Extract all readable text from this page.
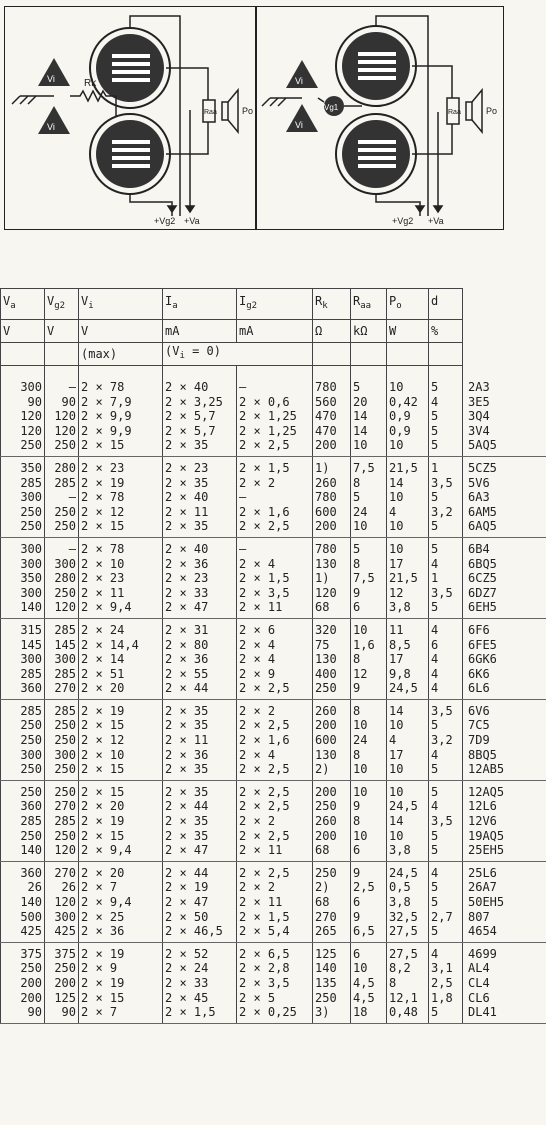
Vi
Vi
Rk
Raa	Po
+Vg2 +Va
Vi
Vi
Vg1
Raa	Po
+Vg2 +Va
$V_a$	$V_{g2}$	$V_i$	$I_a$	$I_{g2}$	$R_k$	$R_{aa}$	$P_o$	d	
V	V	V	mA	mA	Ω	kΩ	W	%	
		(max)	$(V_i = 0)$						

300	–	2 × 78	2 × 40	–	780	5	10	5	2A3
90	90	2 × 7,9	2 × 3,25	2 × 0,6	560	20	0,42	4	3E5
120	120	2 × 9,9	2 × 5,7	2 × 1,25	470	14	0,9	5	3Q4
120	120	2 × 9,9	2 × 5,7	2 × 1,25	470	14	0,9	5	3V4
250	250	2 × 15	2 × 35	2 × 2,5	200	10	10	5	5AQ5
350	280	2 × 23	2 × 23	2 × 1,5	1)	7,5	21,5	1	5CZ5
285	285	2 × 19	2 × 35	2 × 2	260	8	14	3,5	5V6
300	–	2 × 78	2 × 40	–	780	5	10	5	6A3
250	250	2 × 12	2 × 11	2 × 1,6	600	24	4	3,2	6AM5
250	250	2 × 15	2 × 35	2 × 2,5	200	10	10	5	6AQ5
300	–	2 × 78	2 × 40	–	780	5	10	5	6B4
300	300	2 × 10	2 × 36	2 × 4	130	8	17	4	6BQ5
350	280	2 × 23	2 × 23	2 × 1,5	1)	7,5	21,5	1	6CZ5
300	250	2 × 11	2 × 33	2 × 3,5	120	9	12	3,5	6DZ7
140	120	2 × 9,4	2 × 47	2 × 11	68	6	3,8	5	6EH5
315	285	2 × 24	2 × 31	2 × 6	320	10	11	4	6F6
145	145	2 × 14,4	2 × 80	2 × 4	75	1,6	8,5	6	6FE5
300	300	2 × 14	2 × 36	2 × 4	130	8	17	4	6GK6
285	285	2 × 51	2 × 55	2 × 9	400	12	9,8	4	6K6
360	270	2 × 20	2 × 44	2 × 2,5	250	9	24,5	4	6L6
285	285	2 × 19	2 × 35	2 × 2	260	8	14	3,5	6V6
250	250	2 × 15	2 × 35	2 × 2,5	200	10	10	5	7C5
250	250	2 × 12	2 × 11	2 × 1,6	600	24	4	3,2	7D9
300	300	2 × 10	2 × 36	2 × 4	130	8	17	4	8BQ5
250	250	2 × 15	2 × 35	2 × 2,5	2)	10	10	5	12AB5
250	250	2 × 15	2 × 35	2 × 2,5	200	10	10	5	12AQ5
360	270	2 × 20	2 × 44	2 × 2,5	250	9	24,5	4	12L6
285	285	2 × 19	2 × 35	2 × 2	260	8	14	3,5	12V6
250	250	2 × 15	2 × 35	2 × 2,5	200	10	10	5	19AQ5
140	120	2 × 9,4	2 × 47	2 × 11	68	6	3,8	5	25EH5
360	270	2 × 20	2 × 44	2 × 2,5	250	9	24,5	4	25L6
26	26	2 × 7	2 × 19	2 × 2	2)	2,5	0,5	5	26A7
140	120	2 × 9,4	2 × 47	2 × 11	68	6	3,8	5	50EH5
500	300	2 × 25	2 × 50	2 × 1,5	270	9	32,5	2,7	807
425	425	2 × 36	2 × 46,5	2 × 5,4	265	6,5	27,5	5	4654
375	375	2 × 19	2 × 52	2 × 6,5	125	6	27,5	4	4699
250	250	2 × 9	2 × 24	2 × 2,8	140	10	8,2	3,1	AL4
200	200	2 × 19	2 × 33	2 × 3,5	135	4,5	8	2,5	CL4
200	125	2 × 15	2 × 45	2 × 5	250	4,5	12,1	1,8	CL6
90	90	2 × 7	2 × 1,5	2 × 0,25	3)	18	0,48	5	DL41
